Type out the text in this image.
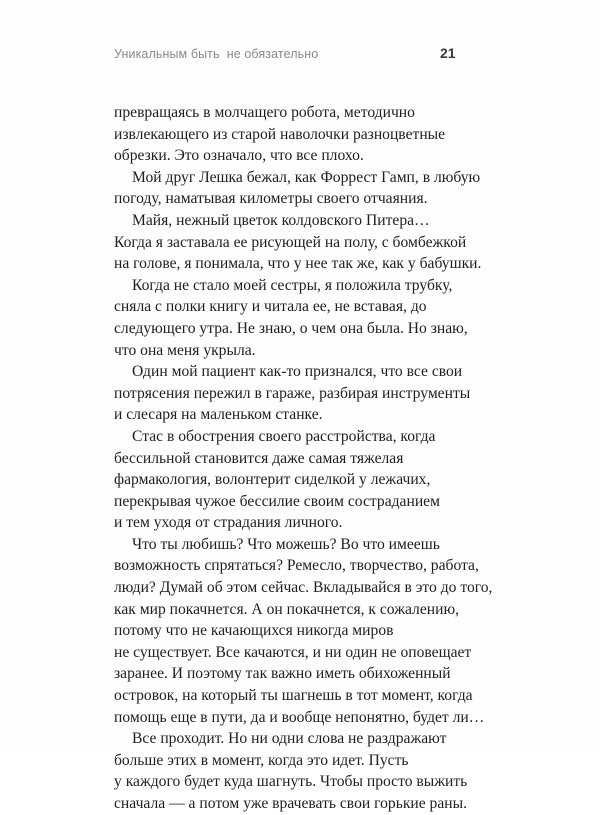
Уникальным быть  не обязательно	21
превращаясь в молчащего робота, методично
извлекающего из старой наволочки разноцветные
обрезки. Это означало, что все плохо.
Мой друг Лешка бежал, как Форрест Гамп, в любую
погоду, наматывая километры своего отчаяния.
Майя, нежный цветок колдовского Питера…
Когда я заставала ее рисующей на полу, с бомбежкой
на голове, я понимала, что у нее так же, как у бабушки.
Когда не стало моей сестры, я положила трубку,
сняла с полки книгу и читала ее, не вставая, до
следующего утра. Не знаю, о чем она была. Но знаю,
что она меня укрыла.
Один мой пациент как-то признался, что все свои
потрясения пережил в гараже, разбирая инструменты
и слесаря на маленьком станке.
Стас в обострения своего расстройства, когда
бессильной становится даже самая тяжелая
фармакология, волонтерит сиделкой у лежачих,
перекрывая чужое бессилие своим состраданием
и тем уходя от страдания личного.
Что ты любишь? Что можешь? Во что имеешь
возможность спрятаться? Ремесло, творчество, работа,
люди? Думай об этом сейчас. Вкладывайся в это до того,
как мир покачнется. А он покачнется, к сожалению,
потому что не качающихся никогда миров
не существует. Все качаются, и ни один не оповещает
заранее. И поэтому так важно иметь обихоженный
островок, на который ты шагнешь в тот момент, когда
помощь еще в пути, да и вообще непонятно, будет ли…
Все проходит. Но ни одни слова не раздражают
больше этих в момент, когда это идет. Пусть
у каждого будет куда шагнуть. Чтобы просто выжить
сначала — а потом уже врачевать свои горькие раны.
